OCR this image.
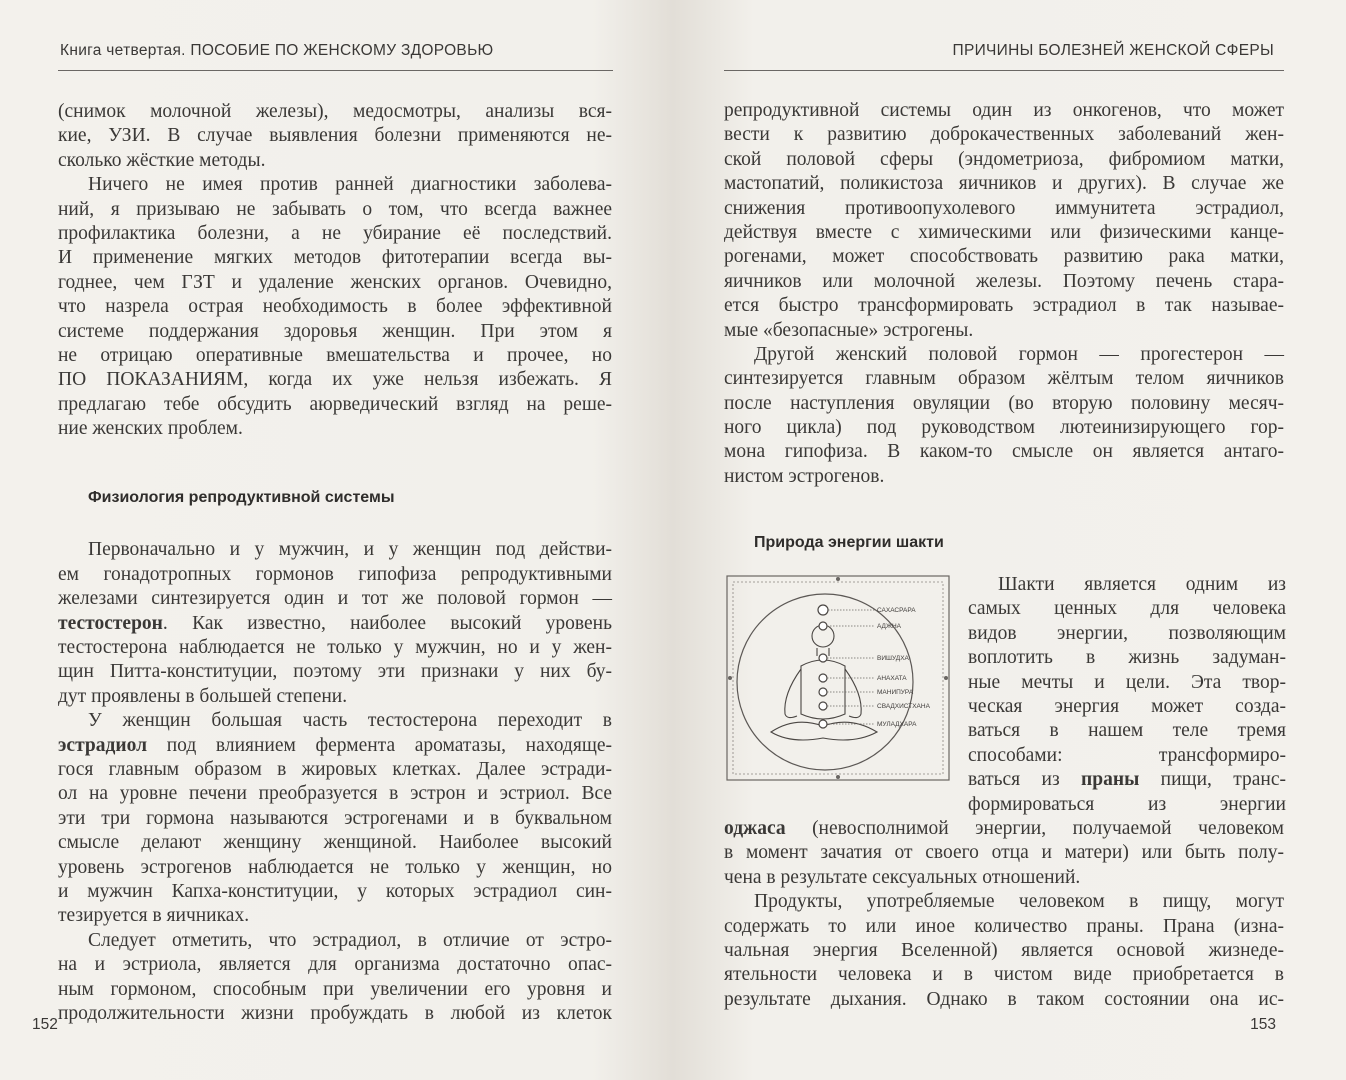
Книга четвертая. ПОСОБИЕ ПО ЖЕНСКОМУ ЗДОРОВЬЮ
(снимок молочной железы), медосмотры, анализы вся-
кие, УЗИ. В случае выявления болезни применяются не-
сколько жёсткие методы.
Ничего не имея против ранней диагностики заболева-
ний, я призываю не забывать о том, что всегда важнее
профилактика болезни, а не убирание её последствий.
И применение мягких методов фитотерапии всегда вы-
годнее, чем ГЗТ и удаление женских органов. Очевидно,
что назрела острая необходимость в более эффективной
системе поддержания здоровья женщин. При этом я
не отрицаю оперативные вмешательства и прочее, но
ПО ПОКАЗАНИЯМ, когда их уже нельзя избежать. Я
предлагаю тебе обсудить аюрведический взгляд на реше-
ние женских проблем.
Физиология репродуктивной системы
Первоначально и у мужчин, и у женщин под действи-
ем гонадотропных гормонов гипофиза репродуктивными
железами синтезируется один и тот же половой гормон —
тестостерон. Как известно, наиболее высокий уровень
тестостерона наблюдается не только у мужчин, но и у жен-
щин Питта-конституции, поэтому эти признаки у них бу-
дут проявлены в большей степени.
У женщин большая часть тестостерона переходит в
эстрадиол под влиянием фермента ароматазы, находяще-
гося главным образом в жировых клетках. Далее эстради-
ол на уровне печени преобразуется в эстрон и эстриол. Все
эти три гормона называются эстрогенами и в буквальном
смысле делают женщину женщиной. Наиболее высокий
уровень эстрогенов наблюдается не только у женщин, но
и мужчин Капха-конституции, у которых эстрадиол син-
тезируется в яичниках.
Следует отметить, что эстрадиол, в отличие от эстро-
на и эстриола, является для организма достаточно опас-
ным гормоном, способным при увеличении его уровня и
продолжительности жизни пробуждать в любой из клеток
152
ПРИЧИНЫ БОЛЕЗНЕЙ ЖЕНСКОЙ СФЕРЫ
репродуктивной системы один из онкогенов, что может
вести к развитию доброкачественных заболеваний жен-
ской половой сферы (эндометриоза, фибромиом матки,
мастопатий, поликистоза яичников и других). В случае же
снижения противоопухолевого иммунитета эстрадиол,
действуя вместе с химическими или физическими канце-
рогенами, может способствовать развитию рака матки,
яичников или молочной железы. Поэтому печень стара-
ется быстро трансформировать эстрадиол в так называе-
мые «безопасные» эстрогены.
Другой женский половой гормон — прогестерон —
синтезируется главным образом жёлтым телом яичников
после наступления овуляции (во вторую половину месяч-
ного цикла) под руководством лютеинизирующего гор-
мона гипофиза. В каком-то смысле он является антаго-
нистом эстрогенов.
Природа энергии шакти
САХАСРАРА
АДЖНА
ВИШУДХА
АНАХАТА
МАНИПУРА
СВАДХИСТХАНА
МУЛАДХАРА
Шакти является одним из
самых ценных для человека
видов энергии, позволяющим
воплотить в жизнь задуман-
ные мечты и цели. Эта твор-
ческая энергия может созда-
ваться в нашем теле тремя
способами: трансформиро-
ваться из праны пищи, транс-
формироваться из энергии
оджаса (невосполнимой энергии, получаемой человеком
в момент зачатия от своего отца и матери) или быть полу-
чена в результате сексуальных отношений.
Продукты, употребляемые человеком в пищу, могут
содержать то или иное количество праны. Прана (изна-
чальная энергия Вселенной) является основой жизнеде-
ятельности человека и в чистом виде приобретается в
результате дыхания. Однако в таком состоянии она ис-
153
